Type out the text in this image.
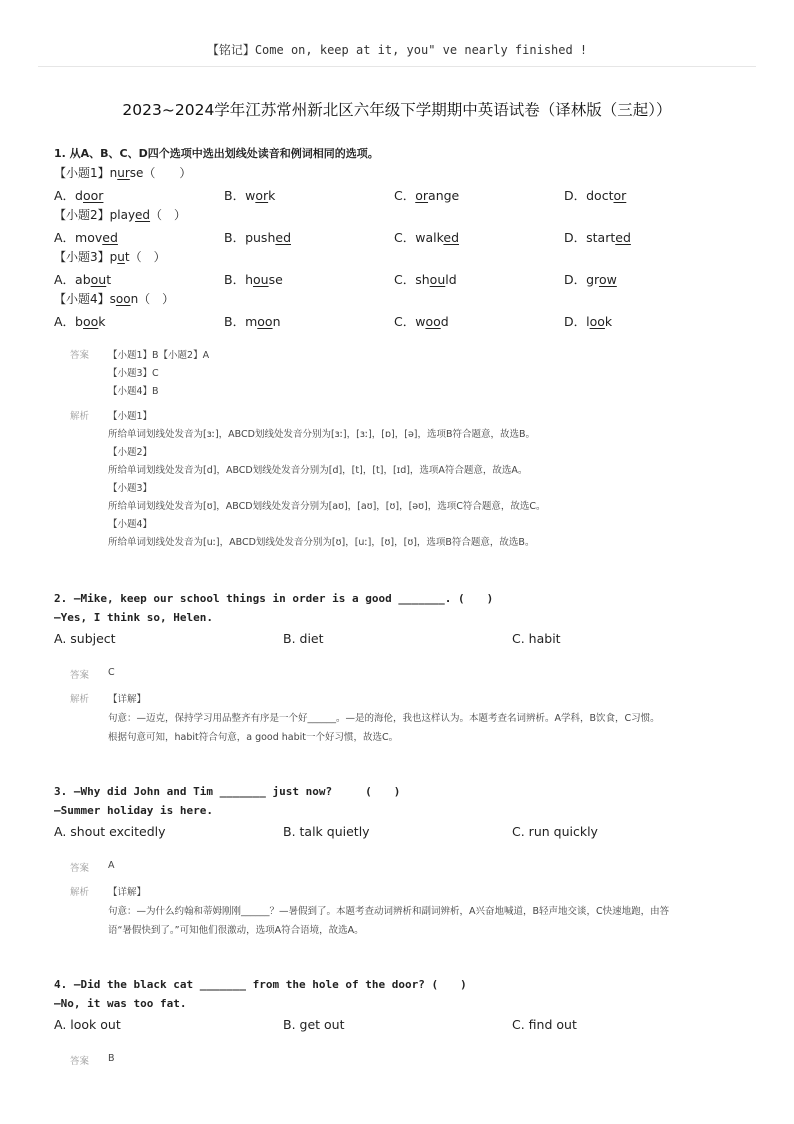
【铭记】Come on, keep at it, you" ve nearly finished !
2023~2024学年江苏常州新北区六年级下学期期中英语试卷（译林版（三起））
1. 从A、B、C、D四个选项中选出划线处读音和例词相同的选项。
【小题1】nurse（　　）
A．door	B．work	C．orange	D．doctor
【小题2】played（　）
A．moved	B．pushed	C．walked	D．started
【小题3】put（　）
A．about	B．house	C．should	D．grow
【小题4】soon（　）
A．book	B．moon	C．wood	D．look
答案 【小题1】B【小题2】A
【小题3】C
【小题4】B
解析 【小题1】
所给单词划线处发音为[ɜː]，ABCD划线处发音分别为[ɜː]，[ɜː]，[ɒ]，[ə]，选项B符合题意，故选B。
【小题2】
所给单词划线处发音为[d]，ABCD划线处发音分别为[d]，[t]，[t]，[ɪd]，选项A符合题意，故选A。
【小题3】
所给单词划线处发音为[ʊ]，ABCD划线处发音分别为[aʊ]，[aʊ]，[ʊ]，[əʊ]，选项C符合题意，故选C。
【小题4】
所给单词划线处发音为[uː]，ABCD划线处发音分别为[ʊ]，[uː]，[ʊ]，[ʊ]，选项B符合题意，故选B。
2. —Mike, keep our school things in order is a good _______. (　　)
—Yes, I think so, Helen.
A. subject	B. diet	C. habit
答案 C
解析 【详解】
句意：—迈克，保持学习用品整齐有序是一个好______。—是的海伦，我也这样认为。本题考查名词辨析。A学科，B饮食，C习惯。
根据句意可知，habit符合句意，a good habit一个好习惯，故选C。
3. —Why did John and Tim _______ just now?　　　(　　)
—Summer holiday is here.
A. shout excitedly	B. talk quietly	C. run quickly
答案 A
解析 【详解】
句意：—为什么约翰和蒂姆刚刚______？—暑假到了。本题考查动词辨析和副词辨析，A兴奋地喊道，B轻声地交谈，C快速地跑，由答
语“暑假快到了。”可知他们很激动，选项A符合语境，故选A。
4. —Did the black cat _______ from the hole of the door? (　　)
—No, it was too fat.
A. look out	B. get out	C. find out
答案 B
